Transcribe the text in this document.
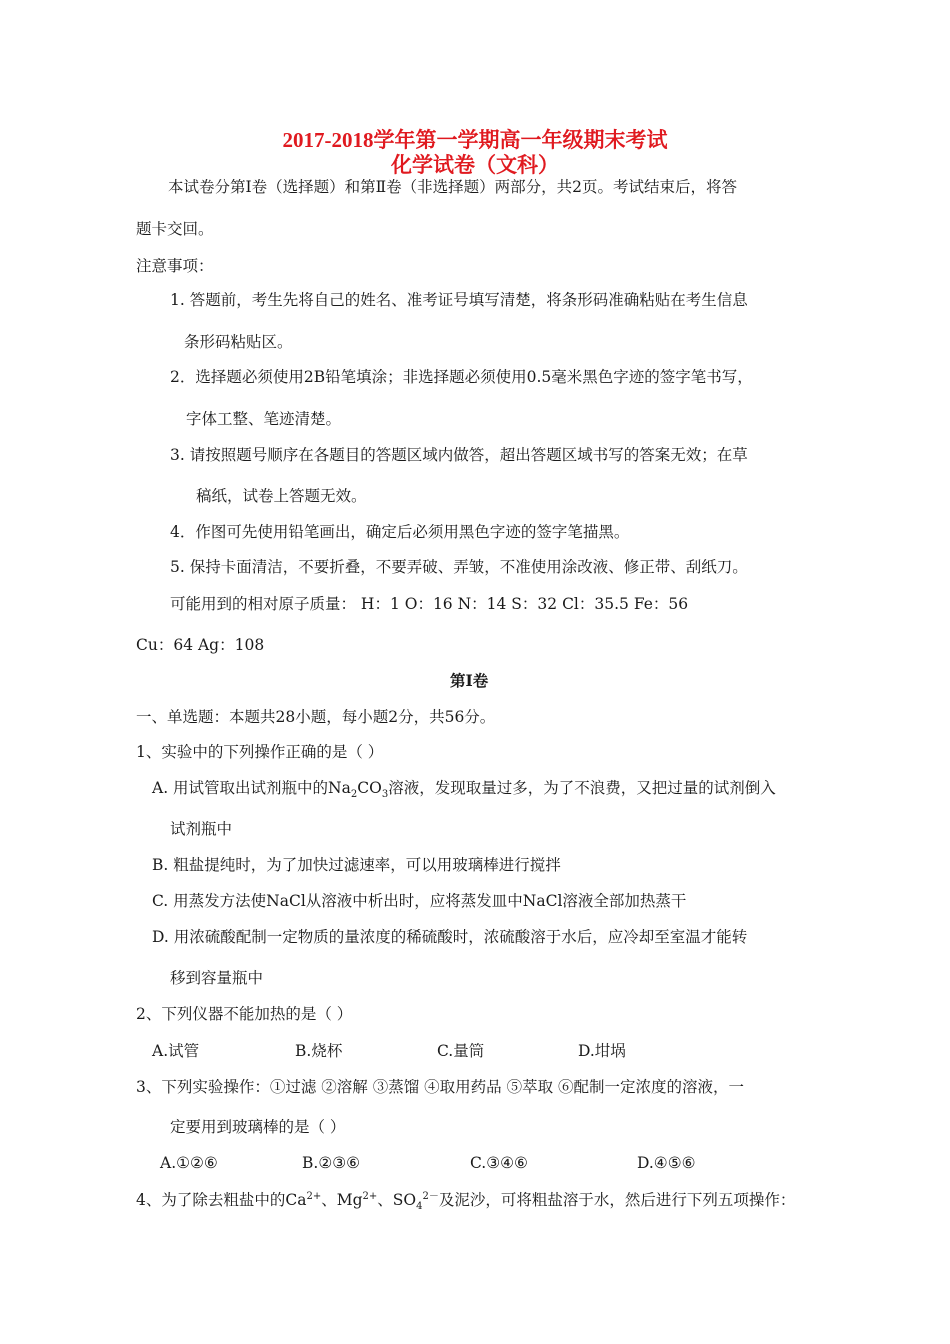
2017-2018学年第一学期高一年级期末考试
化学试卷（文科）
本试卷分第Ⅰ卷（选择题）和第Ⅱ卷（非选择题）两部分，共2页。考试结束后，将答
题卡交回。
注意事项：
1. 答题前，考生先将自己的姓名、准考证号填写清楚，将条形码准确粘贴在考生信息
条形码粘贴区。
2．选择题必须使用2B铅笔填涂；非选择题必须使用0.5毫米黑色字迹的签字笔书写，
字体工整、笔迹清楚。
3. 请按照题号顺序在各题目的答题区域内做答，超出答题区域书写的答案无效；在草
稿纸，试卷上答题无效。
4．作图可先使用铅笔画出，确定后必须用黑色字迹的签字笔描黑。
5. 保持卡面清洁，不要折叠，不要弄破、弄皱，不准使用涂改液、修正带、刮纸刀。
可能用到的相对原子质量： H：1 O：16 N：14 S：32 Cl：35.5 Fe：56
Cu：64 Ag：108
第Ⅰ卷
一、单选题：本题共28小题，每小题2分，共56分。
1、实验中的下列操作正确的是（ ）
A. 用试管取出试剂瓶中的$Na_2CO_3$溶液，发现取量过多，为了不浪费，又把过量的试剂倒入
试剂瓶中
B. 粗盐提纯时，为了加快过滤速率，可以用玻璃棒进行搅拌
C. 用蒸发方法使NaCl从溶液中析出时，应将蒸发皿中NaCl溶液全部加热蒸干
D. 用浓硫酸配制一定物质的量浓度的稀硫酸时，浓硫酸溶于水后，应冷却至室温才能转
移到容量瓶中
2、下列仪器不能加热的是（ ）
A.试管	B.烧杯	C.量筒	D.坩埚
3、下列实验操作：①过滤 ②溶解 ③蒸馏 ④取用药品 ⑤萃取 ⑥配制一定浓度的溶液，一
定要用到玻璃棒的是（ ）
A.①②⑥	B.②③⑥	C.③④⑥	D.④⑤⑥
4、为了除去粗盐中的$Ca^{2+}$、$Mg^{2+}$、$SO_4^{2-}$及泥沙，可将粗盐溶于水，然后进行下列五项操作：
